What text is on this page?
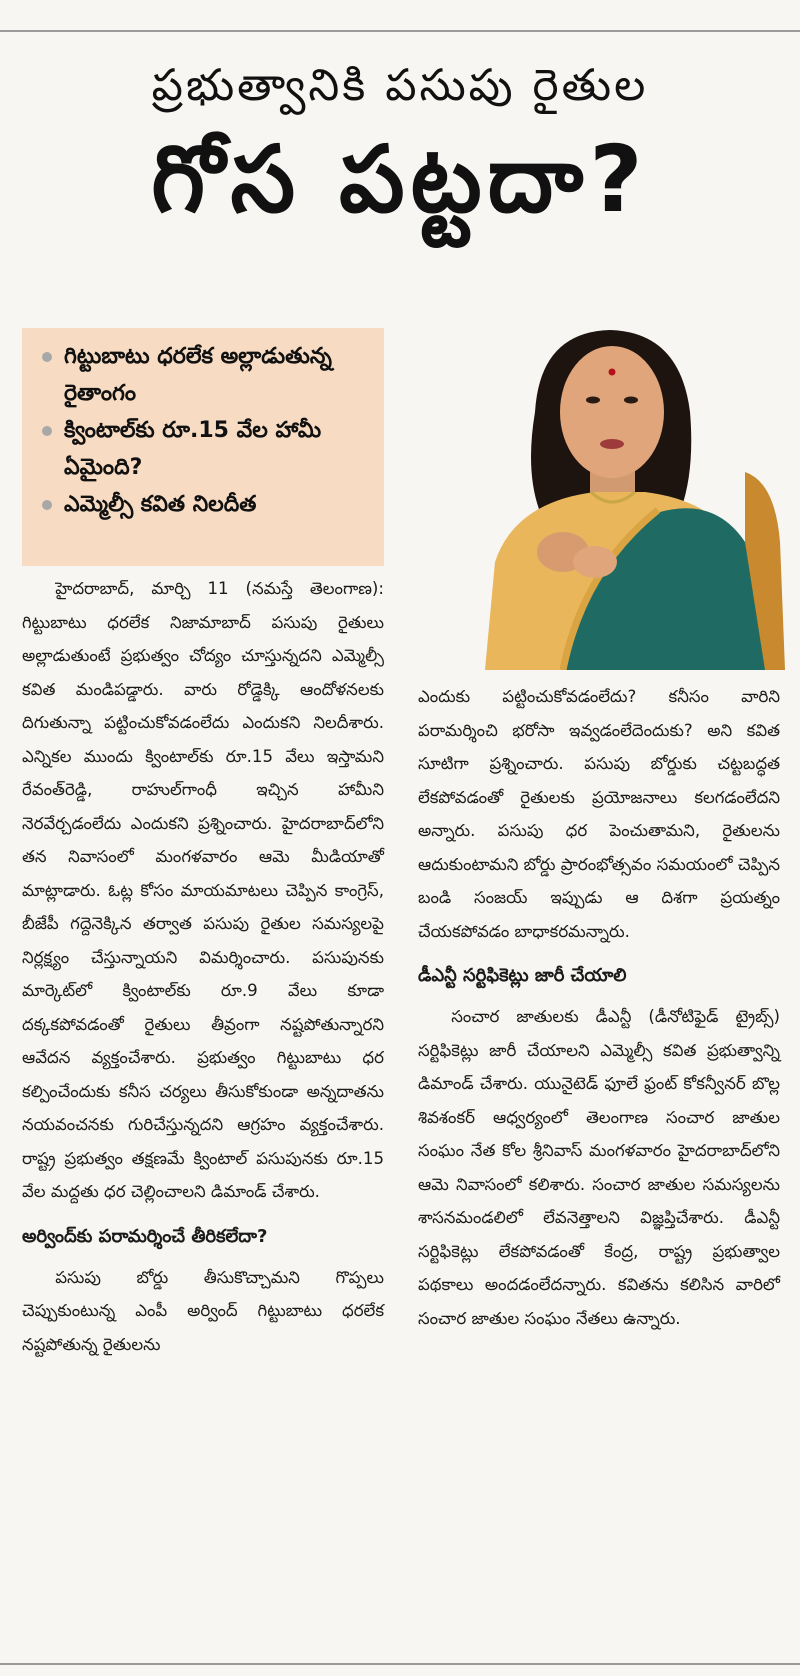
ప్రభుత్వానికి పసుపు రైతుల
గోస పట్టదా?
గిట్టుబాటు ధరలేక అల్లాడుతున్న రైతాంగం
క్వింటాల్‌కు రూ.15 వేల హామీ ఏమైంది?
ఎమ్మెల్సీ కవిత నిలదీత

హైదరాబాద్, మార్చి 11 (నమస్తే తెలంగాణ): గిట్టుబాటు ధరలేక నిజామాబాద్ పసుపు రైతులు అల్లాడుతుంటే ప్రభుత్వం చోద్యం చూస్తున్నదని ఎమ్మెల్సీ కవిత మండిపడ్డారు. వారు రోడ్డెక్కి ఆందోళనలకు దిగుతున్నా పట్టించుకోవడంలేదు ఎందుకని నిలదీశారు. ఎన్నికల ముందు క్వింటాల్‌కు రూ.15 వేలు ఇస్తామని రేవంత్‌రెడ్డి, రాహుల్‌గాంధీ ఇచ్చిన హామీని నెరవేర్చడంలేదు ఎందుకని ప్రశ్నించారు. హైదరాబాద్‌లోని తన నివాసంలో మంగళవారం ఆమె మీడియాతో మాట్లాడారు. ఓట్ల కోసం మాయమాటలు చెప్పిన కాంగ్రెస్, బీజేపీ గద్దెనెక్కిన తర్వాత పసుపు రైతుల సమస్యలపై నిర్లక్ష్యం చేస్తున్నాయని విమర్శించారు. పసుపునకు మార్కెట్‌లో క్వింటాల్‌కు రూ.9 వేలు కూడా దక్కకపోవడంతో రైతులు తీవ్రంగా నష్టపోతున్నారని ఆవేదన వ్యక్తంచేశారు. ప్రభుత్వం గిట్టుబాటు ధర కల్పించేందుకు కనీస చర్యలు తీసుకోకుండా అన్నదాతను నయవంచనకు గురిచేస్తున్నదని ఆగ్రహం వ్యక్తంచేశారు. రాష్ట్ర ప్రభుత్వం తక్షణమే క్వింటాల్ పసుపునకు రూ.15 వేల మద్దతు ధర చెల్లించాలని డిమాండ్ చేశారు.

అర్వింద్‌కు పరామర్శించే తీరికలేదా?

పసుపు బోర్డు తీసుకొచ్చామని గొప్పలు చెప్పుకుంటున్న ఎంపీ అర్వింద్ గిట్టుబాటు ధరలేక నష్టపోతున్న రైతులను

ఎందుకు పట్టించుకోవడంలేదు? కనీసం వారిని పరామర్శించి భరోసా ఇవ్వడంలేదెందుకు? అని కవిత సూటిగా ప్రశ్నించారు. పసుపు బోర్డుకు చట్టబద్ధత లేకపోవడంతో రైతులకు ప్రయోజనాలు కలగడంలేదని అన్నారు. పసుపు ధర పెంచుతామని, రైతులను ఆదుకుంటామని బోర్డు ప్రారంభోత్సవం సమయంలో చెప్పిన బండి సంజయ్ ఇప్పుడు ఆ దిశగా ప్రయత్నం చేయకపోవడం బాధాకరమన్నారు.

డీఎన్టీ సర్టిఫికెట్లు జారీ చేయాలి

సంచార జాతులకు డీఎన్టీ (డీనోటిఫైడ్ ట్రైబ్స్) సర్టిఫికెట్లు జారీ చేయాలని ఎమ్మెల్సీ కవిత ప్రభుత్వాన్ని డిమాండ్ చేశారు. యునైటెడ్ ఫూలే ఫ్రంట్ కోకన్వీనర్ బొల్ల శివశంకర్ ఆధ్వర్యంలో తెలంగాణ సంచార జాతుల సంఘం నేత కోల శ్రీనివాస్ మంగళవారం హైదరాబాద్‌లోని ఆమె నివాసంలో కలిశారు. సంచార జాతుల సమస్యలను శాసనమండలిలో లేవనెత్తాలని విజ్ఞప్తిచేశారు. డీఎన్టీ సర్టిఫికెట్లు లేకపోవడంతో కేంద్ర, రాష్ట్ర ప్రభుత్వాల పథకాలు అందడంలేదన్నారు. కవితను కలిసిన వారిలో సంచార జాతుల సంఘం నేతలు ఉన్నారు.
